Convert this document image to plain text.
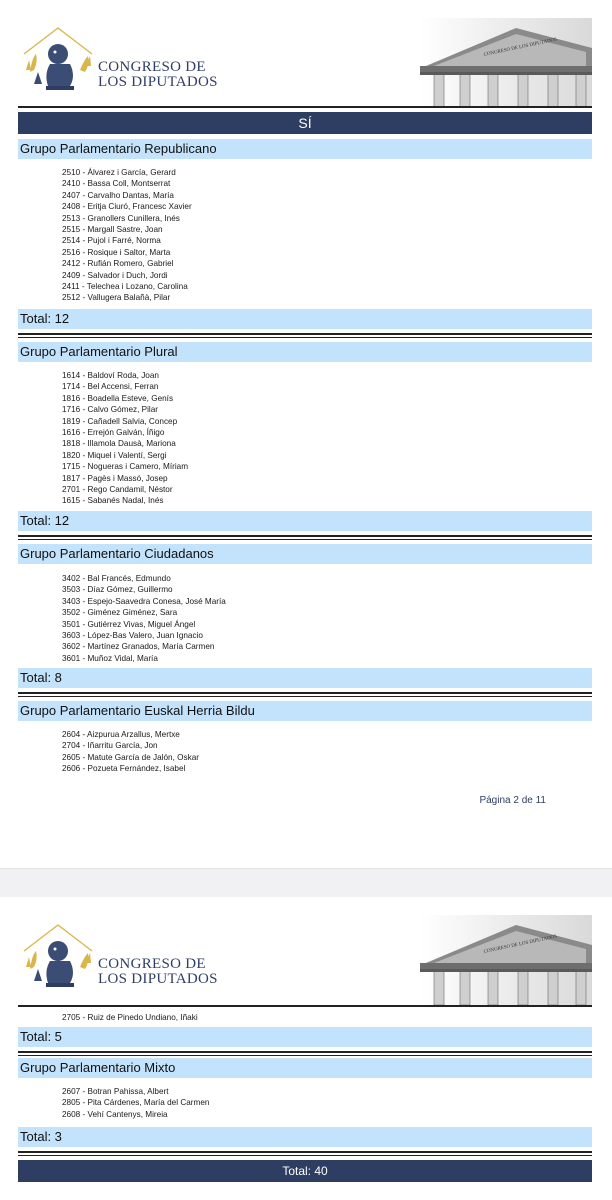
CONGRESO DE
LOS DIPUTADOS
CONGRESO DE LOS DIPUTADOS
SÍ
Grupo Parlamentario Republicano
2510 - Álvarez i García, Gerard
2410 - Bassa Coll, Montserrat
2407 - Carvalho Dantas, María
2408 - Eritja Ciuró, Francesc Xavier
2513 - Granollers Cunillera, Inés
2515 - Margall Sastre, Joan
2514 - Pujol i Farré, Norma
2516 - Rosique i Saltor, Marta
2412 - Rufián Romero, Gabriel
2409 - Salvador i Duch, Jordi
2411 - Telechea i Lozano, Carolina
2512 - Vallugera Balañà, Pilar
Total: 12
Grupo Parlamentario Plural
1614 - Baldoví Roda, Joan
1714 - Bel Accensi, Ferran
1816 - Boadella Esteve, Genís
1716 - Calvo Gómez, Pilar
1819 - Cañadell Salvia, Concep
1616 - Errejón Galván, Íñigo
1818 - Illamola Dausà, Mariona
1820 - Miquel i Valentí, Sergi
1715 - Nogueras i Camero, Míriam
1817 - Pagès i Massó, Josep
2701 - Rego Candamil, Néstor
1615 - Sabanés Nadal, Inés
Total: 12
Grupo Parlamentario Ciudadanos
3402 - Bal Francés, Edmundo
3503 - Díaz Gómez, Guillermo
3403 - Espejo-Saavedra Conesa, José María
3502 - Giménez Giménez, Sara
3501 - Gutiérrez Vivas, Miguel Ángel
3603 - López-Bas Valero, Juan Ignacio
3602 - Martínez Granados, María Carmen
3601 - Muñoz Vidal, María
Total: 8
Grupo Parlamentario Euskal Herria Bildu
2604 - Aizpurua Arzallus, Mertxe
2704 - Iñarritu García, Jon
2605 - Matute García de Jalón, Oskar
2606 - Pozueta Fernández, Isabel
Página 2 de 11
CONGRESO DE
LOS DIPUTADOS
CONGRESO DE LOS DIPUTADOS
2705 - Ruiz de Pinedo Undiano, Iñaki
Total: 5
Grupo Parlamentario Mixto
2607 - Botran Pahissa, Albert
2805 - Pita Cárdenes, María del Carmen
2608 - Vehí Cantenys, Mireia
Total: 3
Total: 40
